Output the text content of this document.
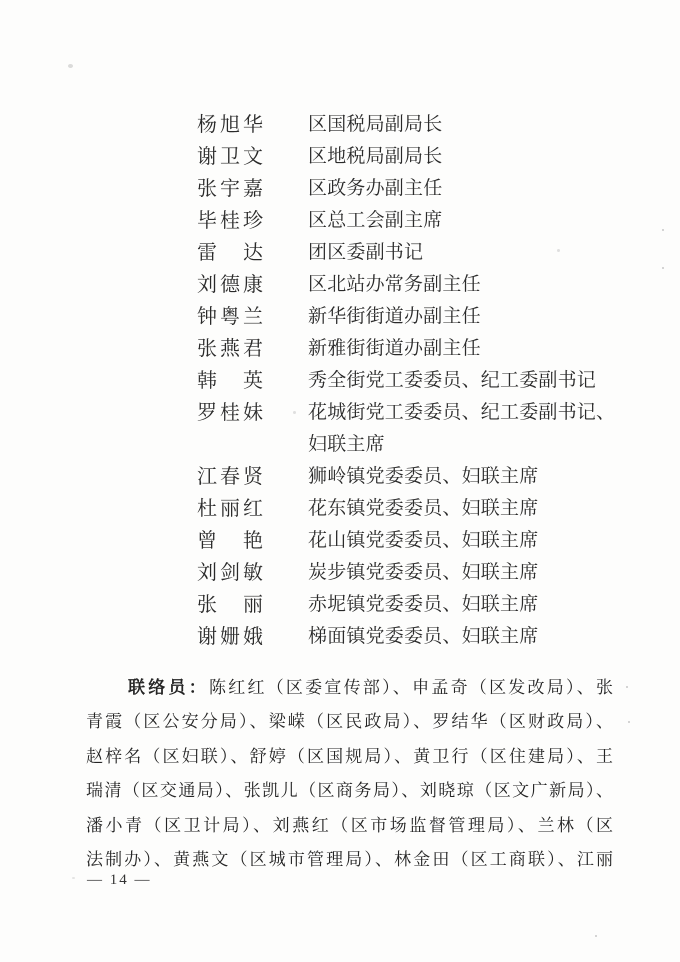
杨旭华 区国税局副局长
谢卫文 区地税局副局长
张宇嘉 区政务办副主任
毕桂珍 区总工会副主席
雷达 团区委副书记
刘德康 区北站办常务副主任
钟粤兰 新华街街道办副主任
张燕君 新雅街街道办副主任
韩英 秀全街党工委委员、纪工委副书记
罗桂妹 花城街党工委委员、纪工委副书记、
妇联主席
江春贤 狮岭镇党委委员、妇联主席
杜丽红 花东镇党委委员、妇联主席
曾艳 花山镇党委委员、妇联主席
刘剑敏 炭步镇党委委员、妇联主席
张丽 赤坭镇党委委员、妇联主席
谢姗娥 梯面镇党委委员、妇联主席
联络员：陈红红（区委宣传部）、申孟奇（区发改局）、张
青霞（区公安分局）、梁嵘（区民政局）、罗结华（区财政局）、
赵梓名（区妇联）、舒婷（区国规局）、黄卫行（区住建局）、王
瑞清（区交通局）、张凯儿（区商务局）、刘晓琼（区文广新局）、
潘小青（区卫计局）、刘燕红（区市场监督管理局）、兰林（区
法制办）、黄燕文（区城市管理局）、林金田（区工商联）、江丽
— 14 —
